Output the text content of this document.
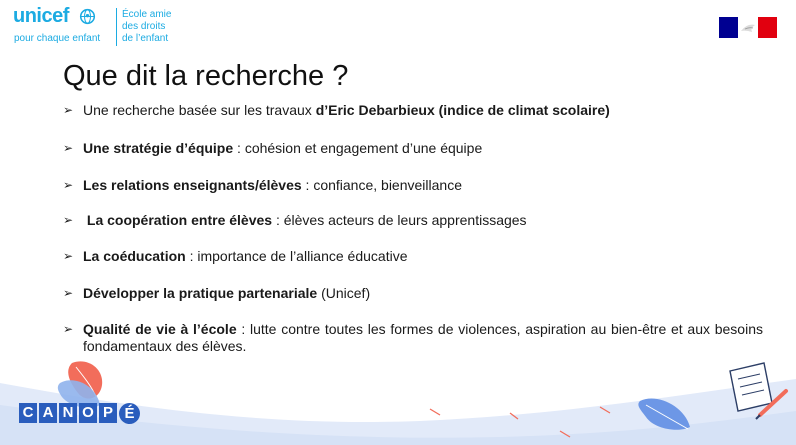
unicef
pour chaque enfant
École amie
des droits
de l’enfant
Que dit la recherche ?
➢ Une recherche basée sur les travaux d’Eric Debarbieux (indice de climat scolaire)
➢ Une stratégie d’équipe : cohésion et engagement d’une équipe
➢ Les relations enseignants/élèves : confiance, bienveillance
➢ La coopération entre élèves : élèves acteurs de leurs apprentissages
➢ La coéducation : importance de l’alliance éducative
➢ Développer la pratique partenariale (Unicef)
➢ Qualité de vie à l’école : lutte contre toutes les formes de violences, aspiration au bien-être et aux besoins fondamentaux des élèves.
C A N O P É
